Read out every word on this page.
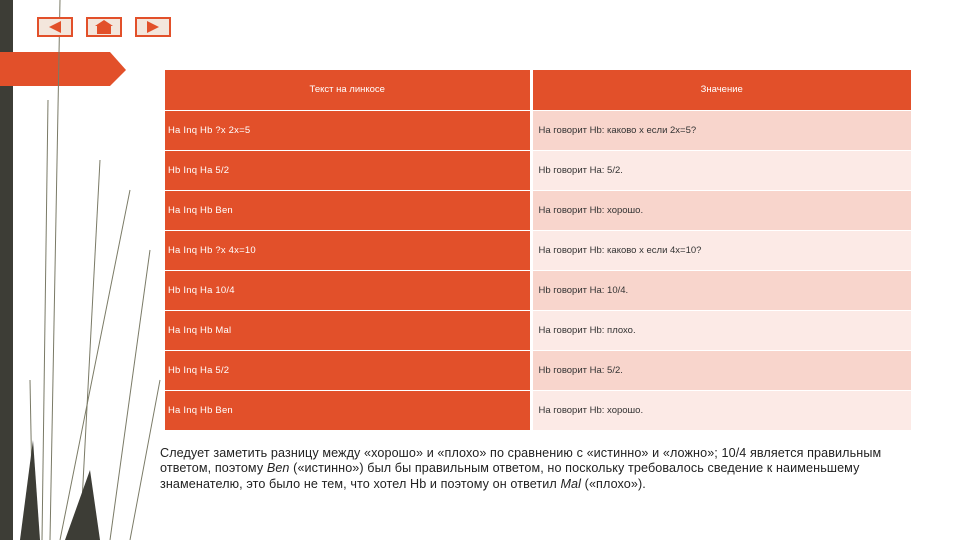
Текст на линкосе	Значение
Ha Inq Hb ?x 2x=5	Ha говорит Hb: каково x если 2x=5?
Hb Inq Ha 5/2	Hb говорит Ha: 5/2.
Ha Inq Hb Ben	Ha говорит Hb: хорошо.
Ha Inq Hb ?x 4x=10	Ha говорит Hb: каково x если 4x=10?
Hb Inq Ha 10/4	Hb говорит Ha: 10/4.
Ha Inq Hb Mal	Ha говорит Hb: плохо.
Hb Inq Ha 5/2	Hb говорит Ha: 5/2.
Ha Inq Hb Ben	Ha говорит Hb: хорошо.
Следует заметить разницу между «хорошо» и «плохо» по сравнению с «истинно» и «ложно»; 10/4 является правильным ответом, поэтому Ben («истинно») был бы правильным ответом, но поскольку требовалось сведение к наименьшему знаменателю, это было не тем, что хотел Hb и поэтому он ответил Mal («плохо»).
